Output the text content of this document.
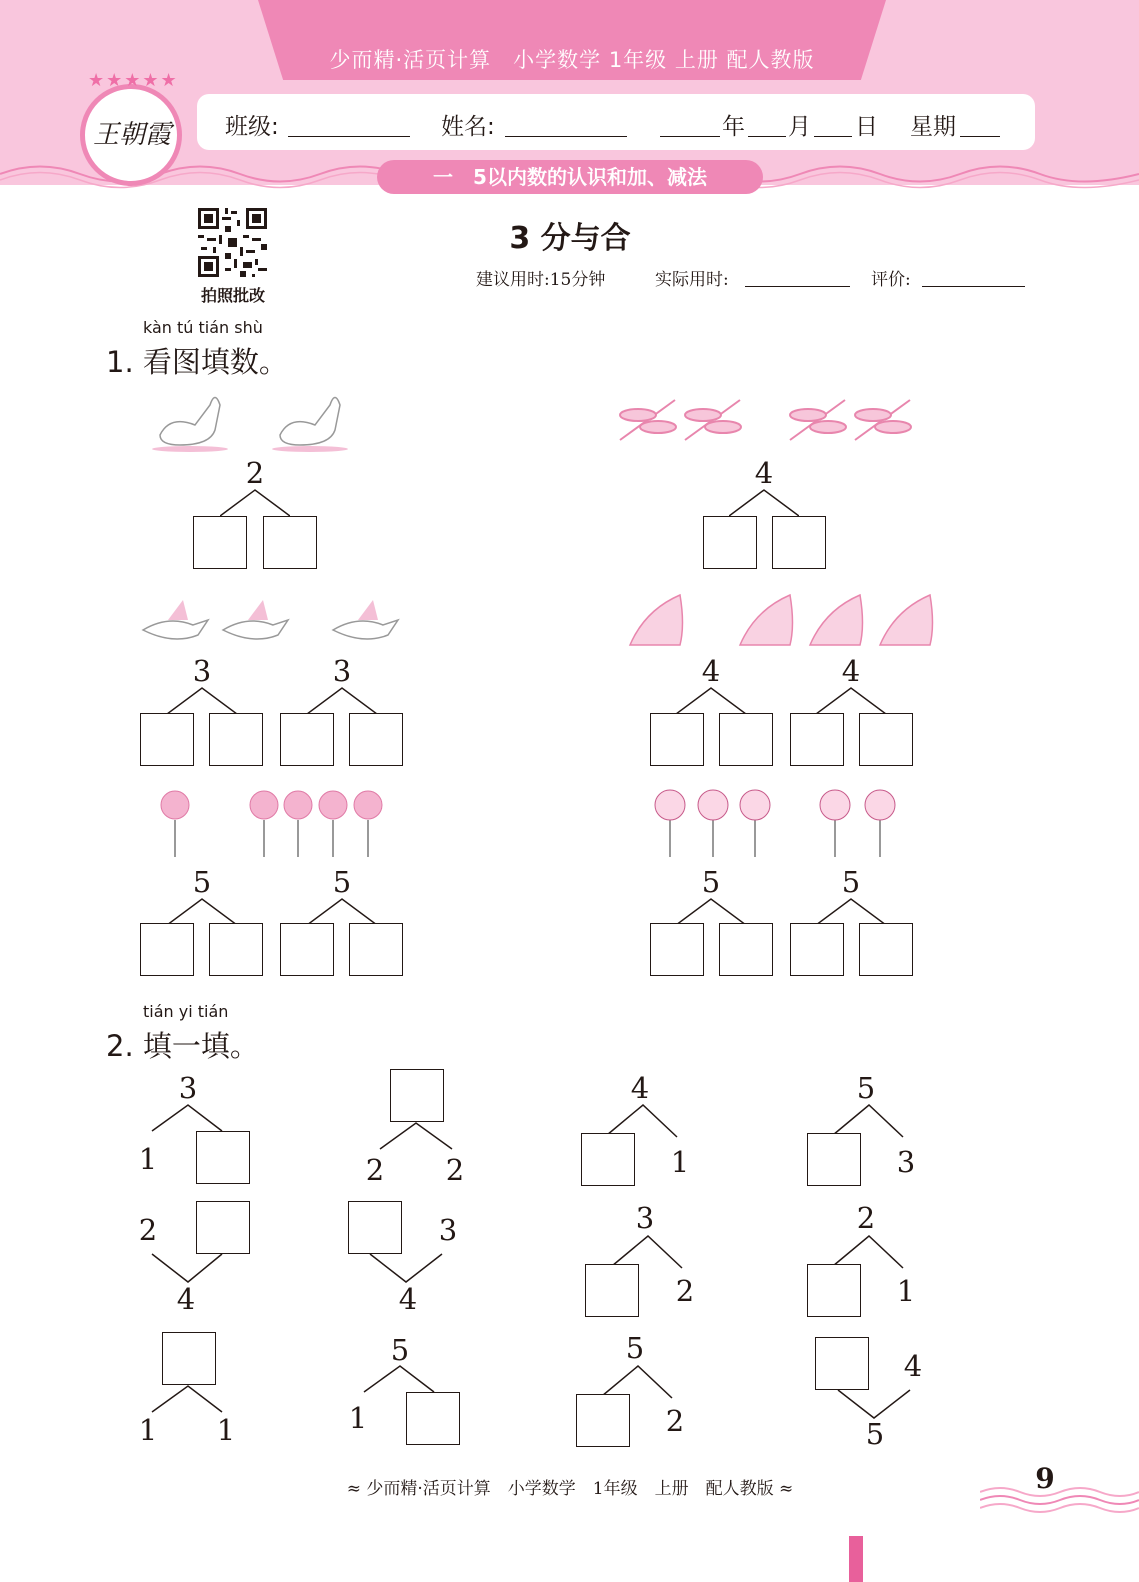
少而精·活页计算　小学数学 1年级 上册 配人教版
班级:	姓名:	年 月 日 星期
一　5以内数的认识和加、减法
★★★★★
王朝霞
拍照批改
3 分与合
建议用时:15分钟	实际用时:	评价:
kàn tú tián shù
1. 看图填数。
2	4
3	3	4	4
5	5	5	5
tián yi tián
2. 填一填。
3
1	2	2
4
1
5
3
2
4
3
4
3
2
2
1
1	1
5
1
5
2
4
5
≈ 少而精·活页计算　小学数学　1年级　上册　配人教版 ≈	9
